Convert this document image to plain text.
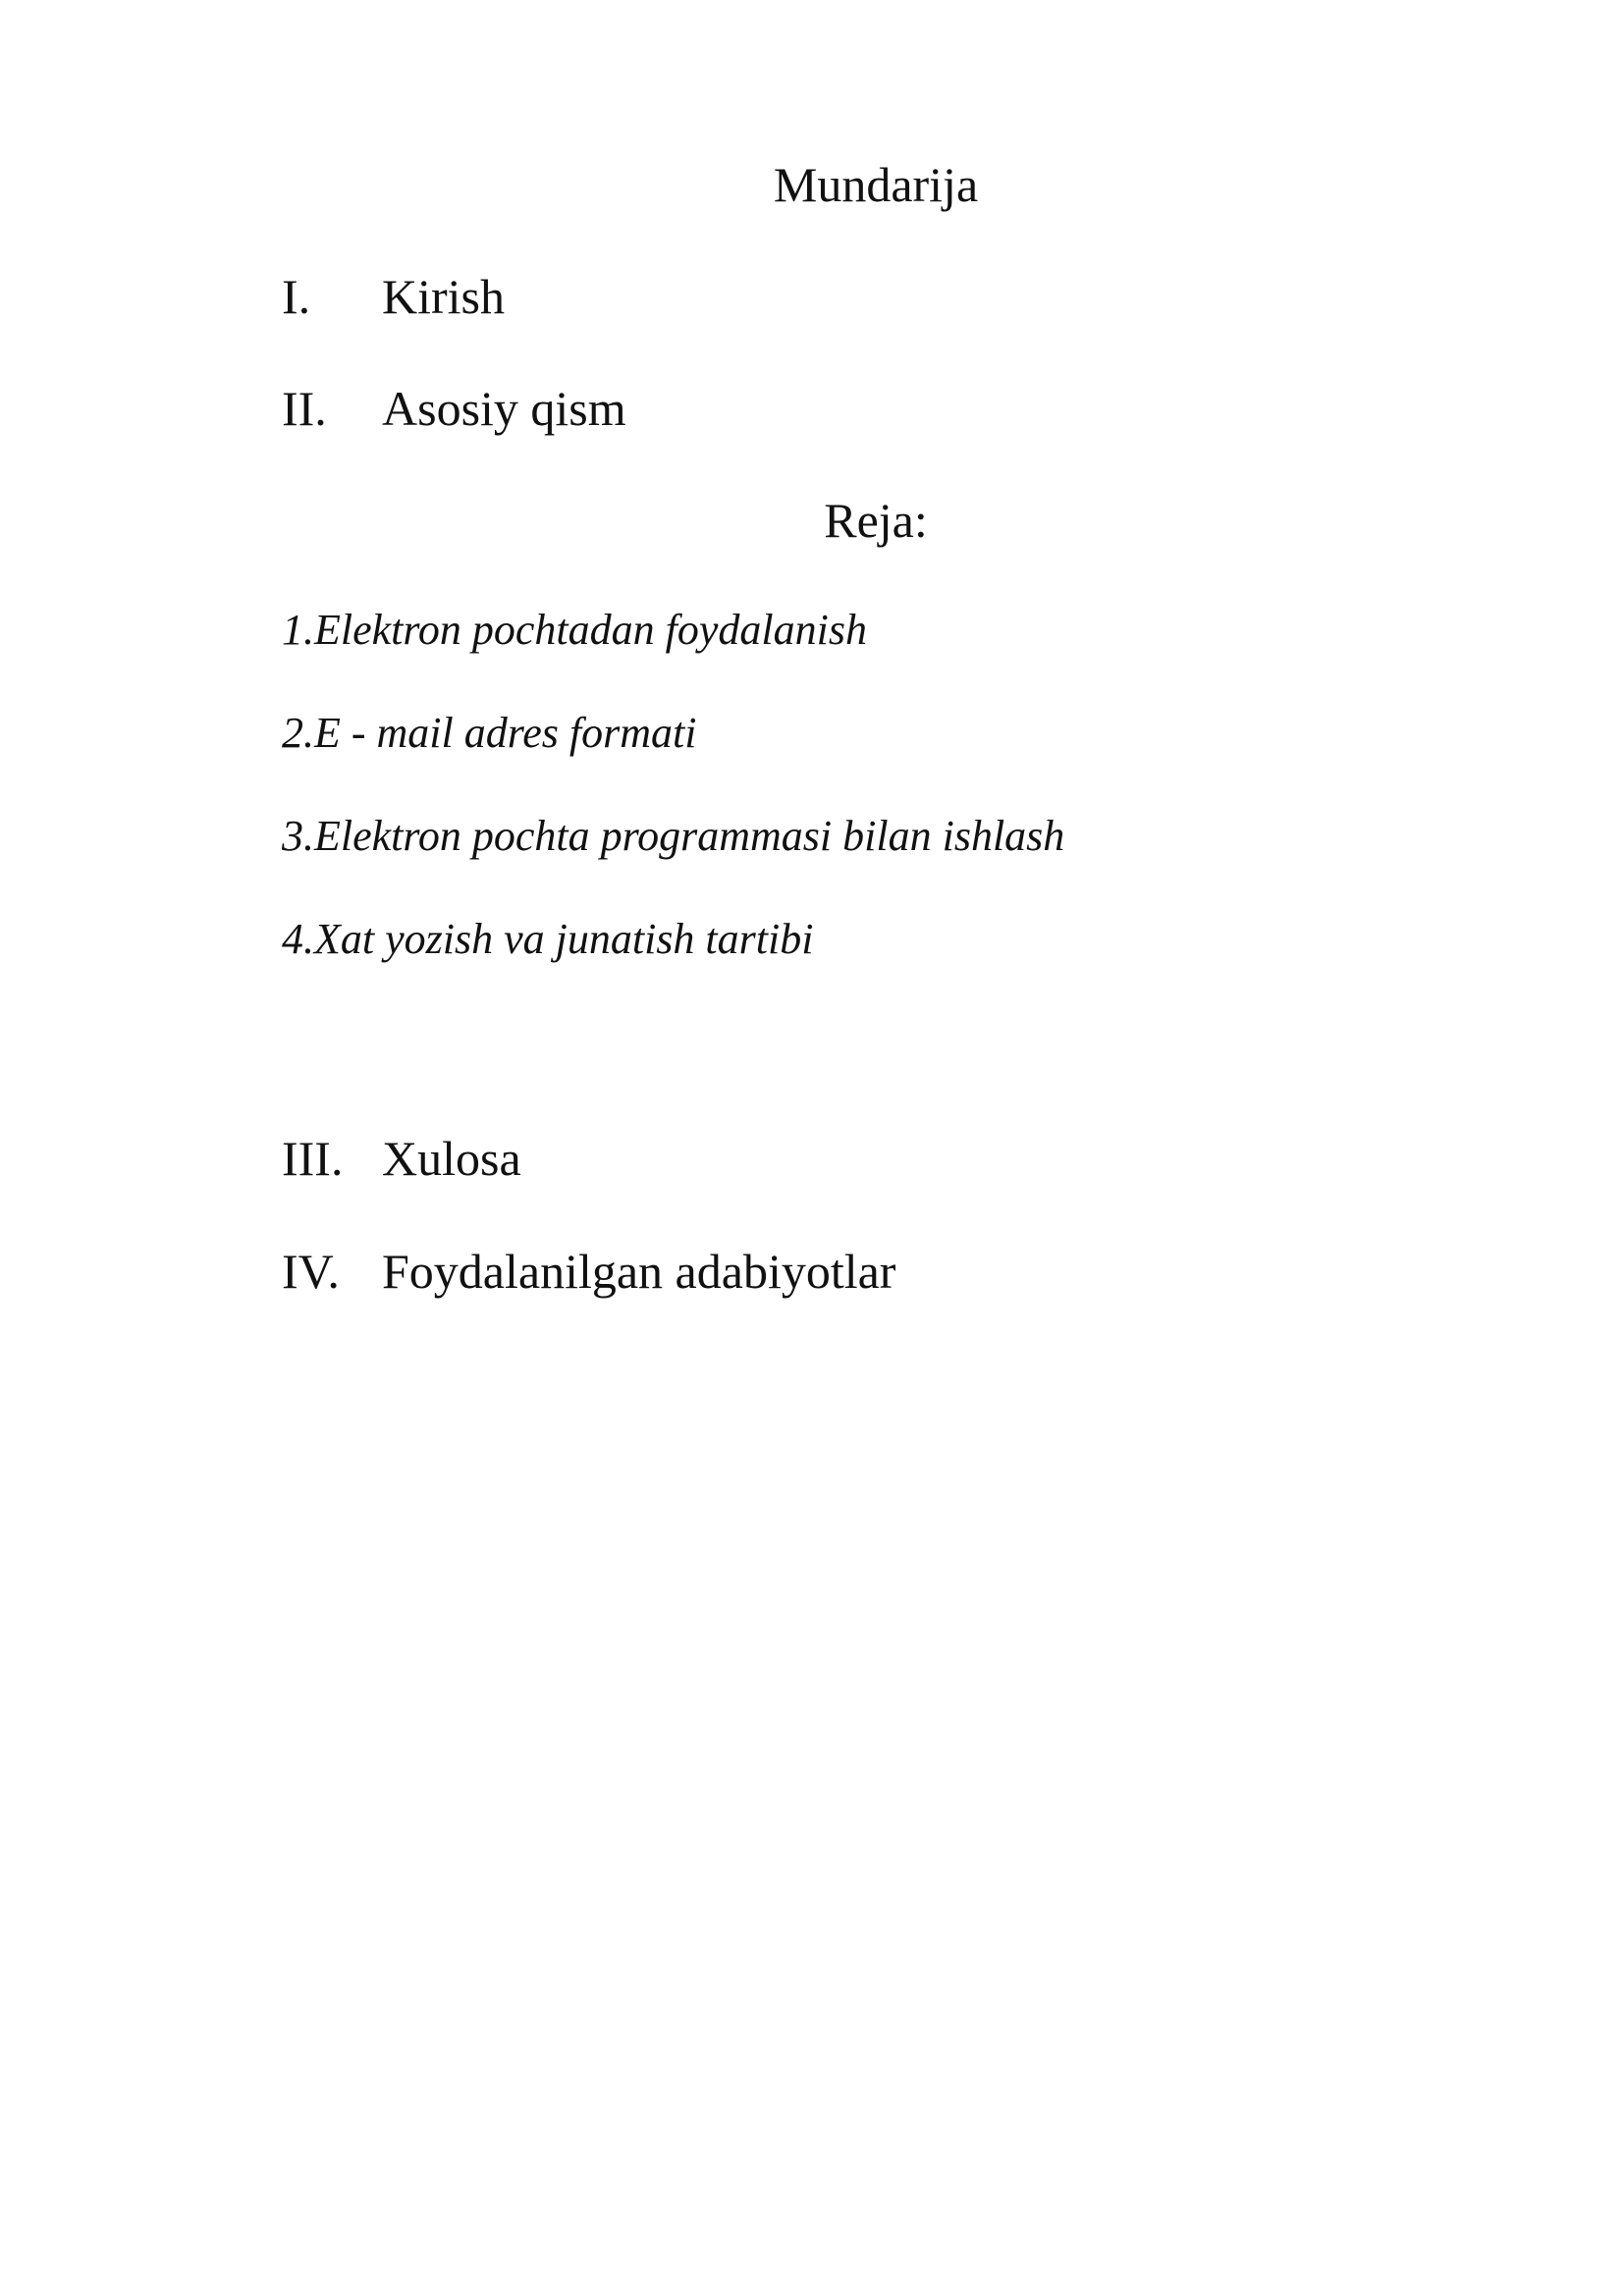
Mundarija
I. Kirish
II. Asosiy qism
Reja:
1.Elektron pochtadan foydalanish
2.E - mail adres formati
3.Elektron pochta programmasi bilan ishlash
4.Xat yozish va junatish tartibi
III. Xulosa
IV. Foydalanilgan adabiyotlar
